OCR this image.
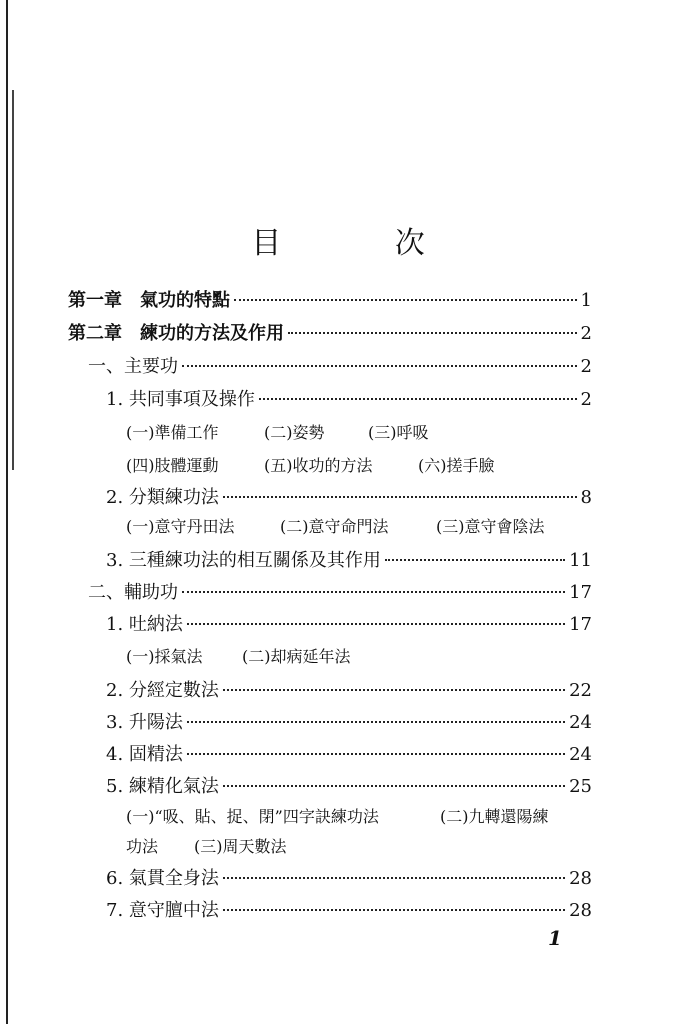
目 次
第一章　氣功的特點	1
第二章　練功的方法及作用	2
一、主要功	2
1. 共同事項及操作	2
(一)準備工作	(二)姿勢	(三)呼吸
(四)肢體運動	(五)收功的方法	(六)搓手臉
2. 分類練功法	8
(一)意守丹田法	(二)意守命門法	(三)意守會陰法
3. 三種練功法的相互關係及其作用	11
二、輔助功	17
1. 吐納法	17
(一)採氣法 (二)却病延年法
2. 分經定數法	22
3. 升陽法	24
4. 固精法	24
5. 練精化氣法	25
(一)“吸、貼、捉、閉”四字訣練功法	(二)九轉還陽練
功法 (三)周天數法
6. 氣貫全身法	28
7. 意守膻中法	28
1
